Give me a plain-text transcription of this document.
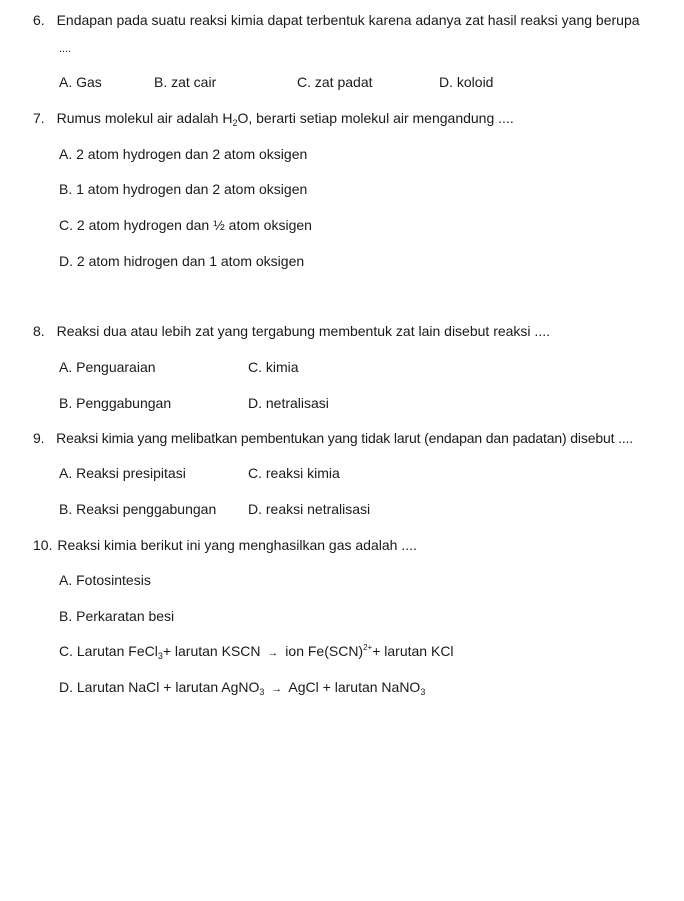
6. Endapan pada suatu reaksi kimia dapat terbentuk karena adanya zat hasil reaksi yang berupa
....
A. Gas	B. zat cair	C. zat padat	D. koloid
7. Rumus molekul air adalah $H_2O$, berarti setiap molekul air mengandung ....
A. 2 atom hydrogen dan 2 atom oksigen
B. 1 atom hydrogen dan 2 atom oksigen
C. 2 atom hydrogen dan ½ atom oksigen
D. 2 atom hidrogen dan 1 atom oksigen
8. Reaksi dua atau lebih zat yang tergabung membentuk zat lain disebut reaksi ....
A. Penguaraian	C. kimia
B. Penggabungan	D. netralisasi
9. Reaksi kimia yang melibatkan pembentukan yang tidak larut (endapan dan padatan) disebut ....
A. Reaksi presipitasi	C. reaksi kimia
B. Reaksi penggabungan D. reaksi netralisasi
10. Reaksi kimia berikut ini yang menghasilkan gas adalah ....
A. Fotosintesis
B. Perkaratan besi
C. Larutan FeCl$_3$+ larutan KSCN → ion Fe(SCN)$^{2+}$+ larutan KCl
D. Larutan NaCl + larutan AgNO$_3$ → AgCl + larutan NaNO$_3$
